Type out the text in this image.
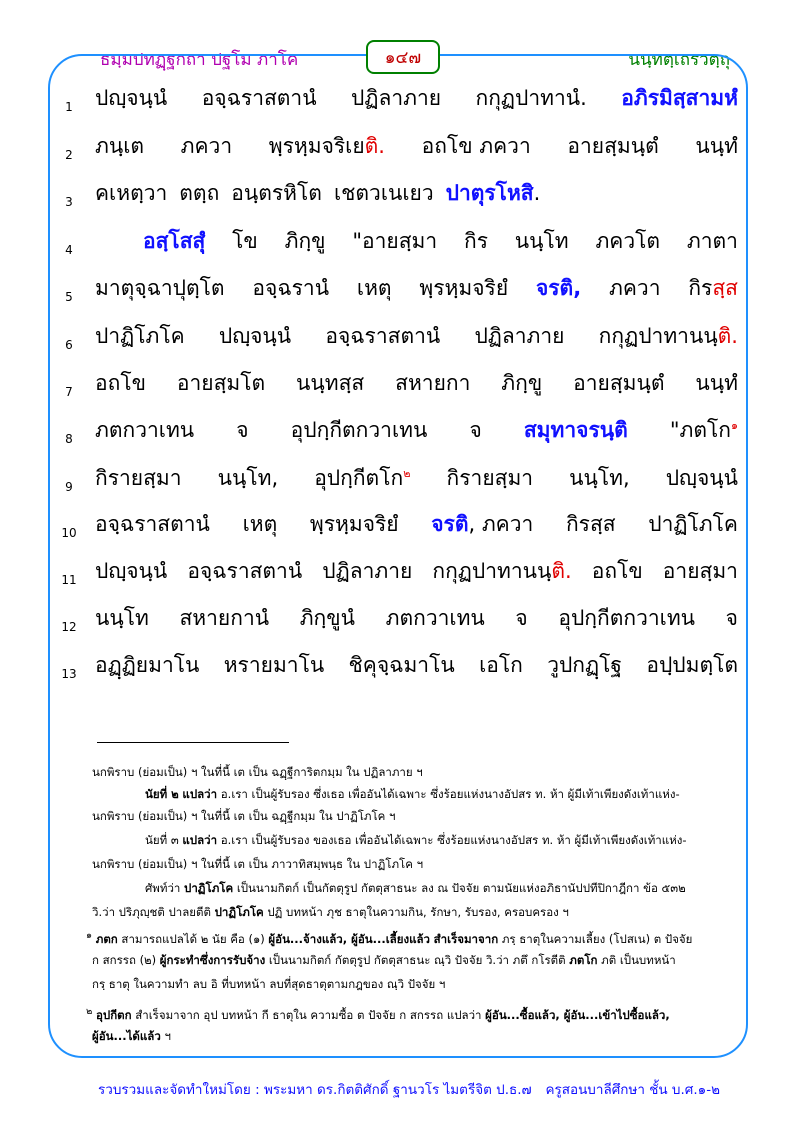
ธมฺมปทฏฺฐกถา ปฐโม ภาโค	๑๔๗	นนฺทตฺเถรวตฺถุ
1	ปญฺจนฺนํ อจฺฉราสตานํ ปฏิลาภาย กกุฏปาทานํ. อภิรมิสฺสามหํ
2	ภนฺเต ภควา พฺรหฺมจริเยติ. อถโข ภควา อายสฺมนฺตํ นนฺทํ
3	คเหตฺวา ตตฺถ อนฺตรหิโต เชตวเนเยว ปาตุรโหสิ.
4	อสฺโสสุํ โข ภิกฺขู "อายสฺมา กิร นนฺโท ภควโต ภาตา
5	มาตุจฺฉาปุตฺโต อจฺฉรานํ เหตุ พฺรหฺมจริยํ จรติ, ภควา กิรสฺส
6	ปาฏิโภโค ปญฺจนฺนํ อจฺฉราสตานํ ปฏิลาภาย กกุฏปาทานนฺติ.
7	อถโข อายสฺมโต นนฺทสฺส สหายกา ภิกฺขู อายสฺมนฺตํ นนฺทํ
8	ภตกวาเทน จ อุปกฺกีตกวาเทน จ สมุทาจรนฺติ "ภตโก$^๑$
9	กิรายสฺมา นนฺโท, อุปกฺกีตโก$^๒$ กิรายสฺมา นนฺโท, ปญฺจนฺนํ
10 อจฺฉราสตานํ เหตุ พฺรหฺมจริยํ จรติ, ภควา กิรสฺส ปาฏิโภโค
11 ปญฺจนฺนํ อจฺฉราสตานํ ปฏิลาภาย กกุฏปาทานนฺติ. อถโข อายสฺมา
12 นนฺโท สหายกานํ ภิกฺขูนํ ภตกวาเทน จ อุปกฺกีตกวาเทน จ
13 อฏฺฏิยมาโน หรายมาโน ชิคุจฺฉมาโน เอโก วูปกฏฺโฐ อปฺปมตฺโต
นกพิราบ (ย่อมเป็น) ฯ ในที่นี้ เต เป็น ฉฏฺฐีการิตกมฺม ใน ปฏิลาภาย ฯ
นัยที่ ๒ แปลว่า อ.เรา เป็นผู้รับรอง ซึ่งเธอ เพื่ออันได้เฉพาะ ซึ่งร้อยแห่งนางอัปสร ท. ห้า ผู้มีเท้าเพียงดังเท้าแห่ง-
นกพิราบ (ย่อมเป็น) ฯ ในที่นี้ เต เป็น ฉฏฺฐีกมฺม ใน ปาฏิโภโค ฯ
นัยที่ ๓ แปลว่า อ.เรา เป็นผู้รับรอง ของเธอ เพื่ออันได้เฉพาะ ซึ่งร้อยแห่งนางอัปสร ท. ห้า ผู้มีเท้าเพียงดังเท้าแห่ง-
นกพิราบ (ย่อมเป็น) ฯ ในที่นี้ เต เป็น ภาวาทิสมฺพนฺธ ใน ปาฏิโภโค ฯ
ศัพท์ว่า ปาฏิโภโค เป็นนามกิตก์ เป็นกัตตุรูป กัตตุสาธนะ ลง ณ ปัจจัย ตามนัยแห่งอภิธานัปปทีปิกาฎีกา ข้อ ๕๓๒
วิ.ว่า ปริภุญฺชติ ปาลยตีติ ปาฏิโภโค ปฏิ บทหน้า ภุช ธาตุในความกิน, รักษา, รับรอง, ครอบครอง ฯ
$^๑$ ภตก สามารถแปลได้ ๒ นัย คือ (๑) ผู้อัน...จ้างแล้ว, ผู้อัน...เลี้ยงแล้ว สำเร็จมาจาก ภรฺ ธาตุในความเลี้ยง (โปสเน) ต ปัจจัย
ก สกรรถ (๒) ผู้กระทำซึ่งการรับจ้าง เป็นนามกิตก์ กัตตุรูป กัตตุสาธนะ ณฺวิ ปัจจัย วิ.ว่า ภตึ กโรตีติ ภตโก ภติ เป็นบทหน้า
กรฺ ธาตุ ในความทำ ลบ อิ ที่บทหน้า ลบที่สุดธาตุตามกฎของ ณฺวิ ปัจจัย ฯ
$^๒$ อุปกีตก สำเร็จมาจาก อุป บทหน้า กี ธาตุใน ความซื้อ ต ปัจจัย ก สกรรถ แปลว่า ผู้อัน...ซื้อแล้ว, ผู้อัน...เข้าไปซื้อแล้ว,
ผู้อัน...ได้แล้ว ฯ
รวบรวมและจัดทำใหม่โดย : พระมหา ดร.กิตติศักดิ์ ฐานวโร ไมตรีจิต ป.ธ.๗ ครูสอนบาลีศึกษา ชั้น บ.ศ.๑-๒
